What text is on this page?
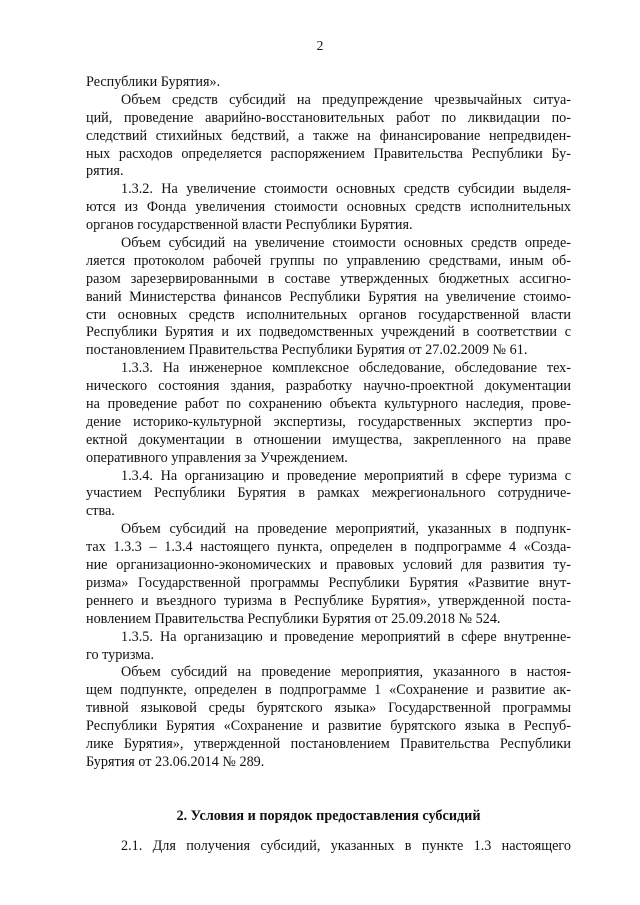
2
Республики Бурятия».
Объем средств субсидий на предупреждение чрезвычайных ситуа-
ций, проведение аварийно-восстановительных работ по ликвидации по-
следствий стихийных бедствий, а также на финансирование непредвиден-
ных расходов определяется распоряжением Правительства Республики Бу-
рятия.
1.3.2. На увеличение стоимости основных средств субсидии выделя-
ются из Фонда увеличения стоимости основных средств исполнительных
органов государственной власти Республики Бурятия.
Объем субсидий на увеличение стоимости основных средств опреде-
ляется протоколом рабочей группы по управлению средствами, иным об-
разом зарезервированными в составе утвержденных бюджетных ассигно-
ваний Министерства финансов Республики Бурятия на увеличение стоимо-
сти основных средств исполнительных органов государственной власти
Республики Бурятия и их подведомственных учреждений в соответствии с
постановлением Правительства Республики Бурятия от 27.02.2009 № 61.
1.3.3. На инженерное комплексное обследование, обследование тех-
нического состояния здания, разработку научно-проектной документации
на проведение работ по сохранению объекта культурного наследия, прове-
дение историко-культурной экспертизы, государственных экспертиз про-
ектной документации в отношении имущества, закрепленного на праве
оперативного управления за Учреждением.
1.3.4. На организацию и проведение мероприятий в сфере туризма с
участием Республики Бурятия в рамках межрегионального сотрудниче-
ства.
Объем субсидий на проведение мероприятий, указанных в подпунк-
тах 1.3.3 – 1.3.4 настоящего пункта, определен в подпрограмме 4 «Созда-
ние организационно-экономических и правовых условий для развития ту-
ризма» Государственной программы Республики Бурятия «Развитие внут-
реннего и въездного туризма в Республике Бурятия», утвержденной поста-
новлением Правительства Республики Бурятия от 25.09.2018 № 524.
1.3.5. На организацию и проведение мероприятий в сфере внутренне-
го туризма.
Объем субсидий на проведение мероприятия, указанного в настоя-
щем подпункте, определен в подпрограмме 1 «Сохранение и развитие ак-
тивной языковой среды бурятского языка» Государственной программы
Республики Бурятия «Сохранение и развитие бурятского языка в Респуб-
лике Бурятия», утвержденной постановлением Правительства Республики
Бурятия от 23.06.2014 № 289.
2. Условия и порядок предоставления субсидий
2.1. Для получения субсидий, указанных в пункте 1.3 настоящего
